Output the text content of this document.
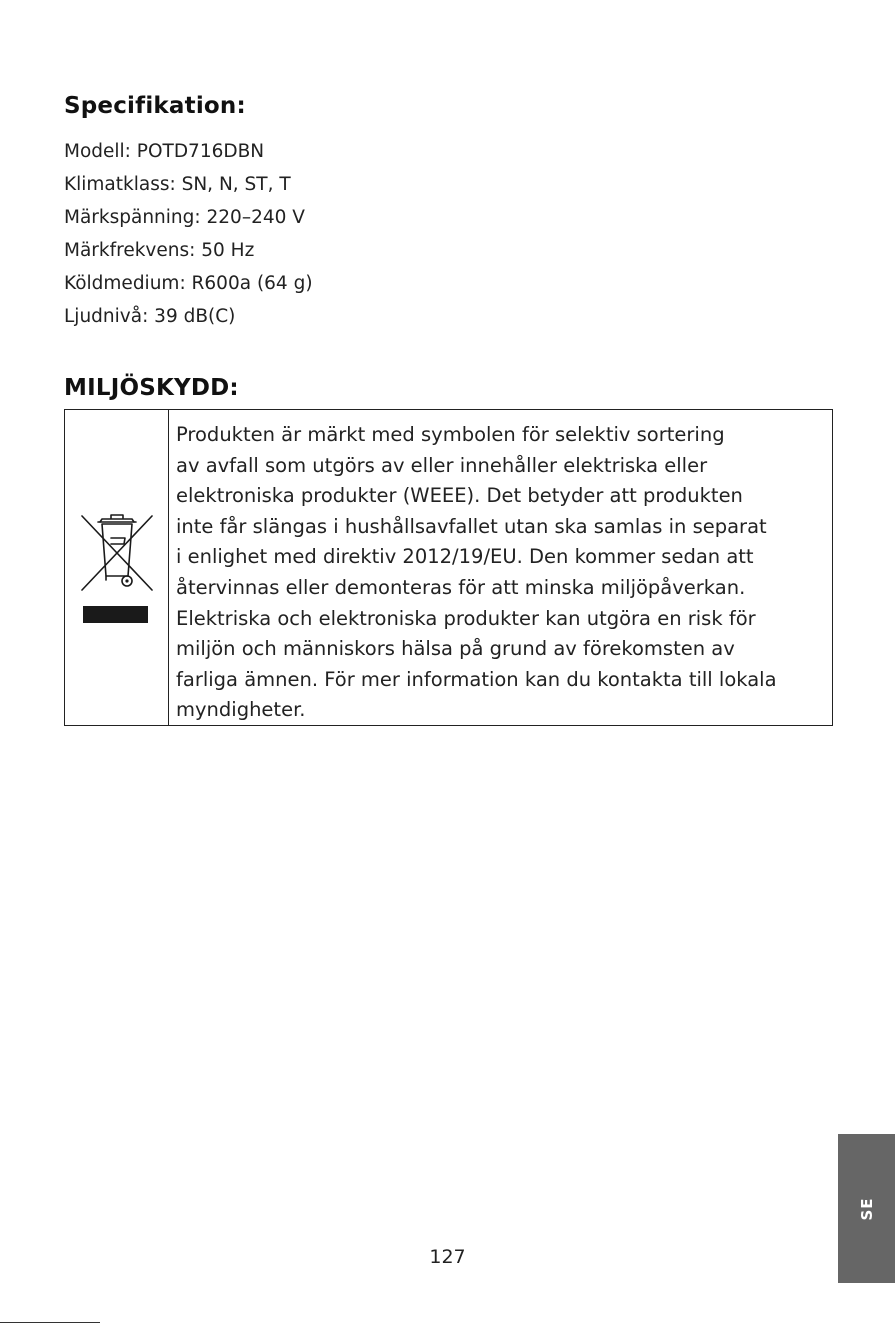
Specifikation:
Modell: POTD716DBN
Klimatklass: SN, N, ST, T
Märkspänning: 220–240 V
Märkfrekvens: 50 Hz
Köldmedium: R600a (64 g)
Ljudnivå: 39 dB(C)
MILJÖSKYDD:

Produkten är märkt med symbolen för selektiv sortering
av avfall som utgörs av eller innehåller elektriska eller
elektroniska produkter (WEEE). Det betyder att produkten
inte får slängas i hushållsavfallet utan ska samlas in separat
i enlighet med direktiv 2012/19/EU. Den kommer sedan att
återvinnas eller demonteras för att minska miljöpåverkan.
Elektriska och elektroniska produkter kan utgöra en risk för
miljön och människors hälsa på grund av förekomsten av
farliga ämnen. För mer information kan du kontakta till lokala
myndigheter.

127
SE
